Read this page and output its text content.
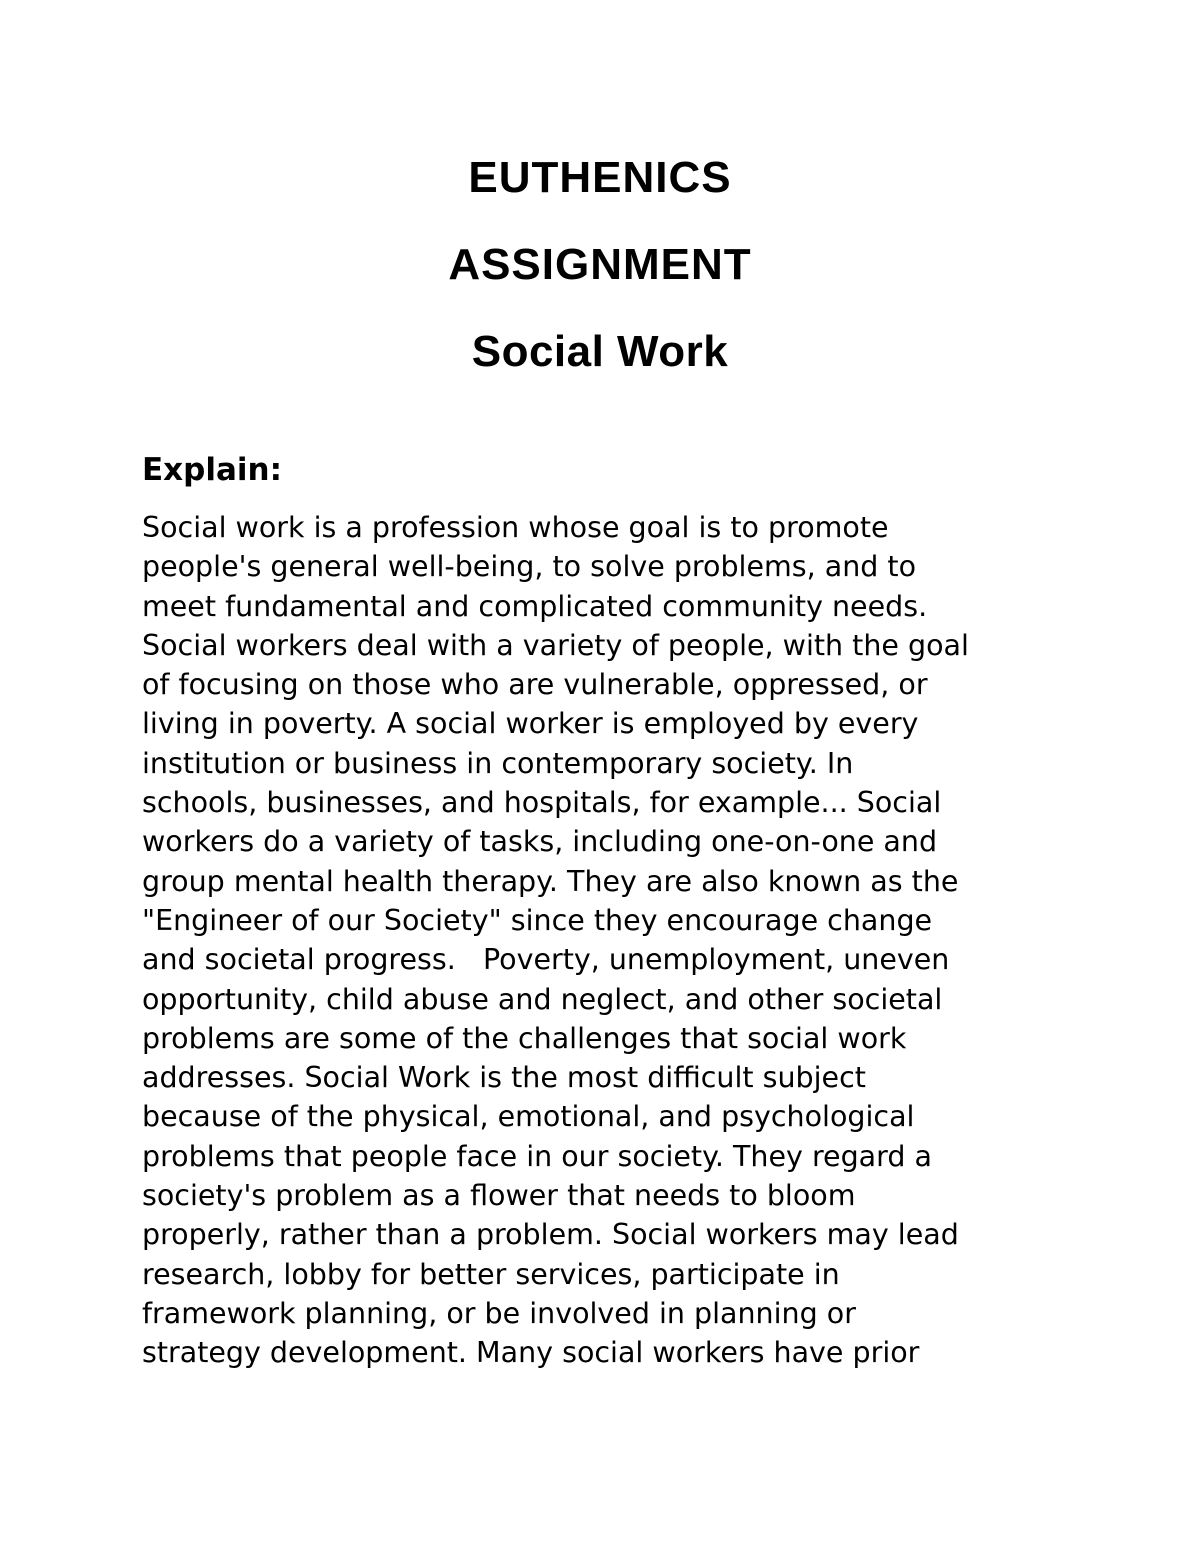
EUTHENICS
ASSIGNMENT
Social Work
Explain:
Social work is a profession whose goal is to promote
people's general well-being, to solve problems, and to
meet fundamental and complicated community needs.
Social workers deal with a variety of people, with the goal
of focusing on those who are vulnerable, oppressed, or
living in poverty. A social worker is employed by every
institution or business in contemporary society. In
schools, businesses, and hospitals, for example... Social
workers do a variety of tasks, including one-on-one and
group mental health therapy. They are also known as the
"Engineer of our Society" since they encourage change
and societal progress.   Poverty, unemployment, uneven
opportunity, child abuse and neglect, and other societal
problems are some of the challenges that social work
addresses. Social Work is the most difficult subject
because of the physical, emotional, and psychological
problems that people face in our society. They regard a
society's problem as a flower that needs to bloom
properly, rather than a problem. Social workers may lead
research, lobby for better services, participate in
framework planning, or be involved in planning or
strategy development. Many social workers have prior
